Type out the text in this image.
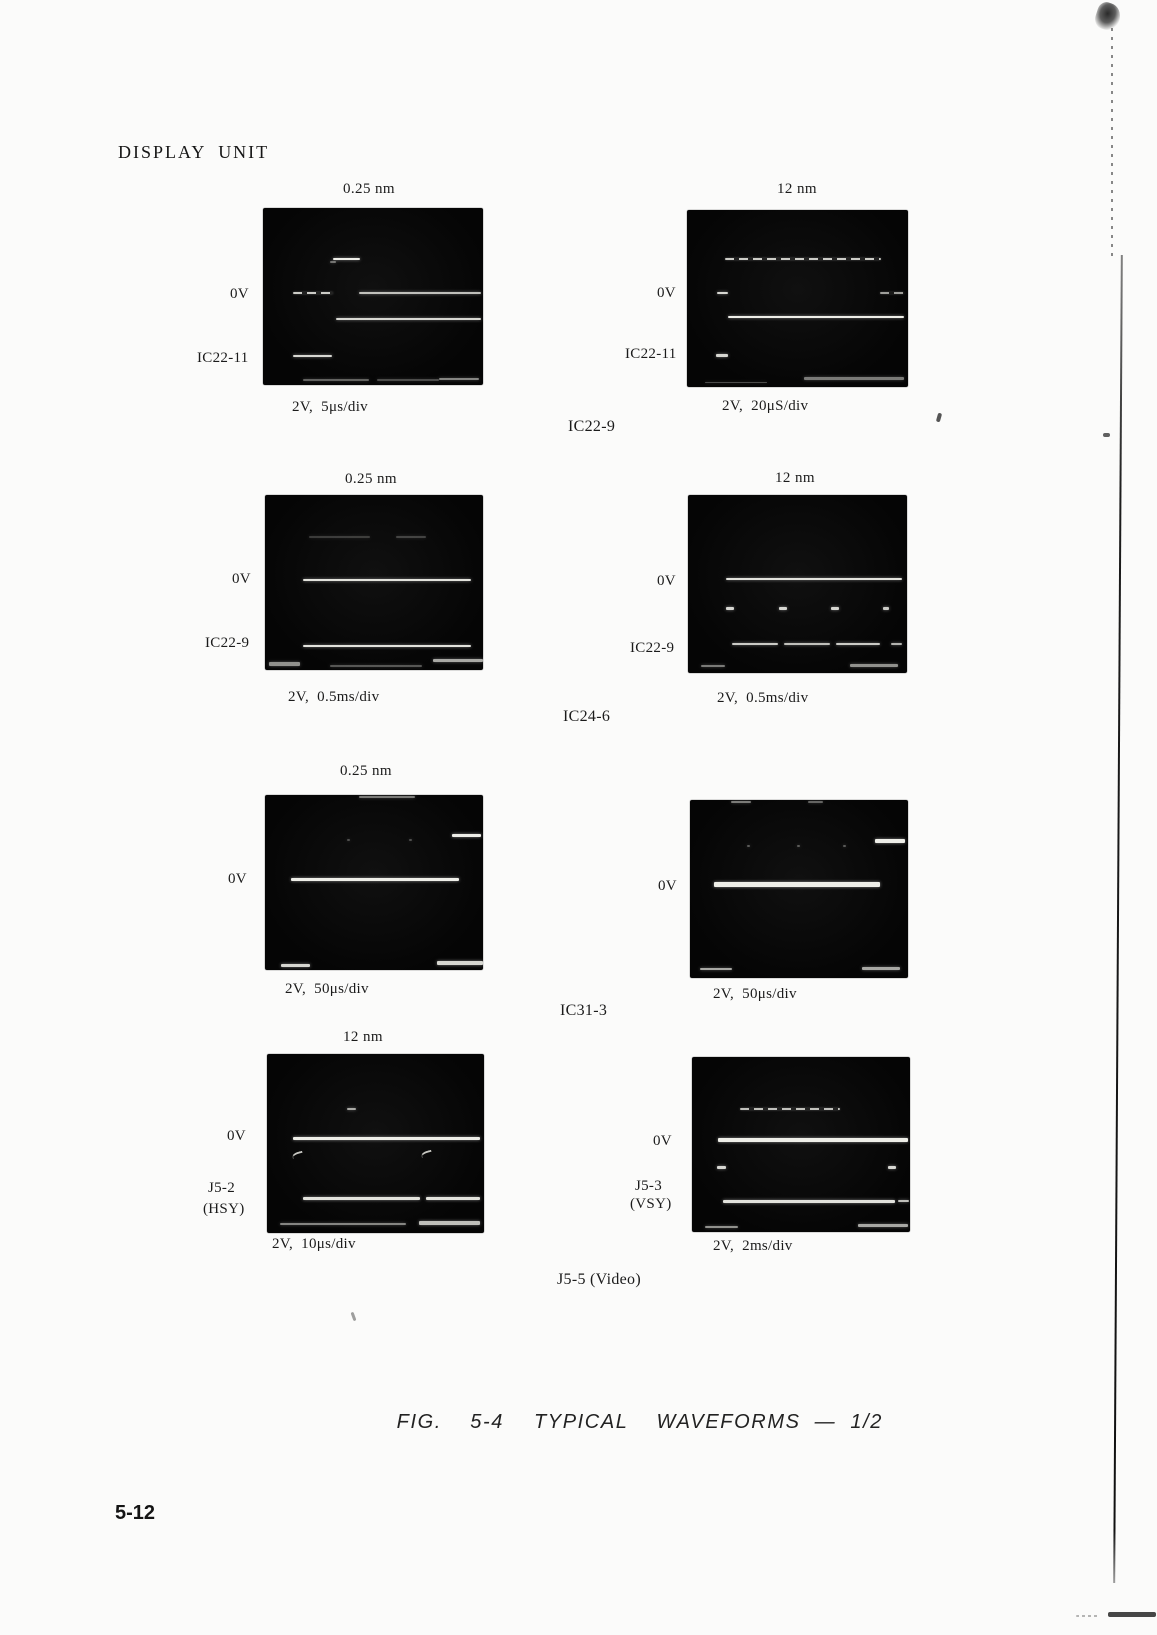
DISPLAY UNIT
0.25 nm
0V
IC22-11
2V,  5μs/div
12 nm
0V
IC22-11
2V,  20μS/div
0.25 nm
0V
IC22-9
2V,  0.5ms/div
12 nm
0V
IC22-9
2V,  0.5ms/div
0.25 nm
0V
2V,  50μs/div
0V
2V,  50μs/div
12 nm
0V
J5-2
(HSY)
2V,  10μs/div
0V
J5-3
(VSY)
2V,  2ms/div
IC22-9
IC24-6
IC31-3
J5-5 (Video)

FIG.  5-4 TYPICAL  WAVEFORMS — 1/2

5-12
